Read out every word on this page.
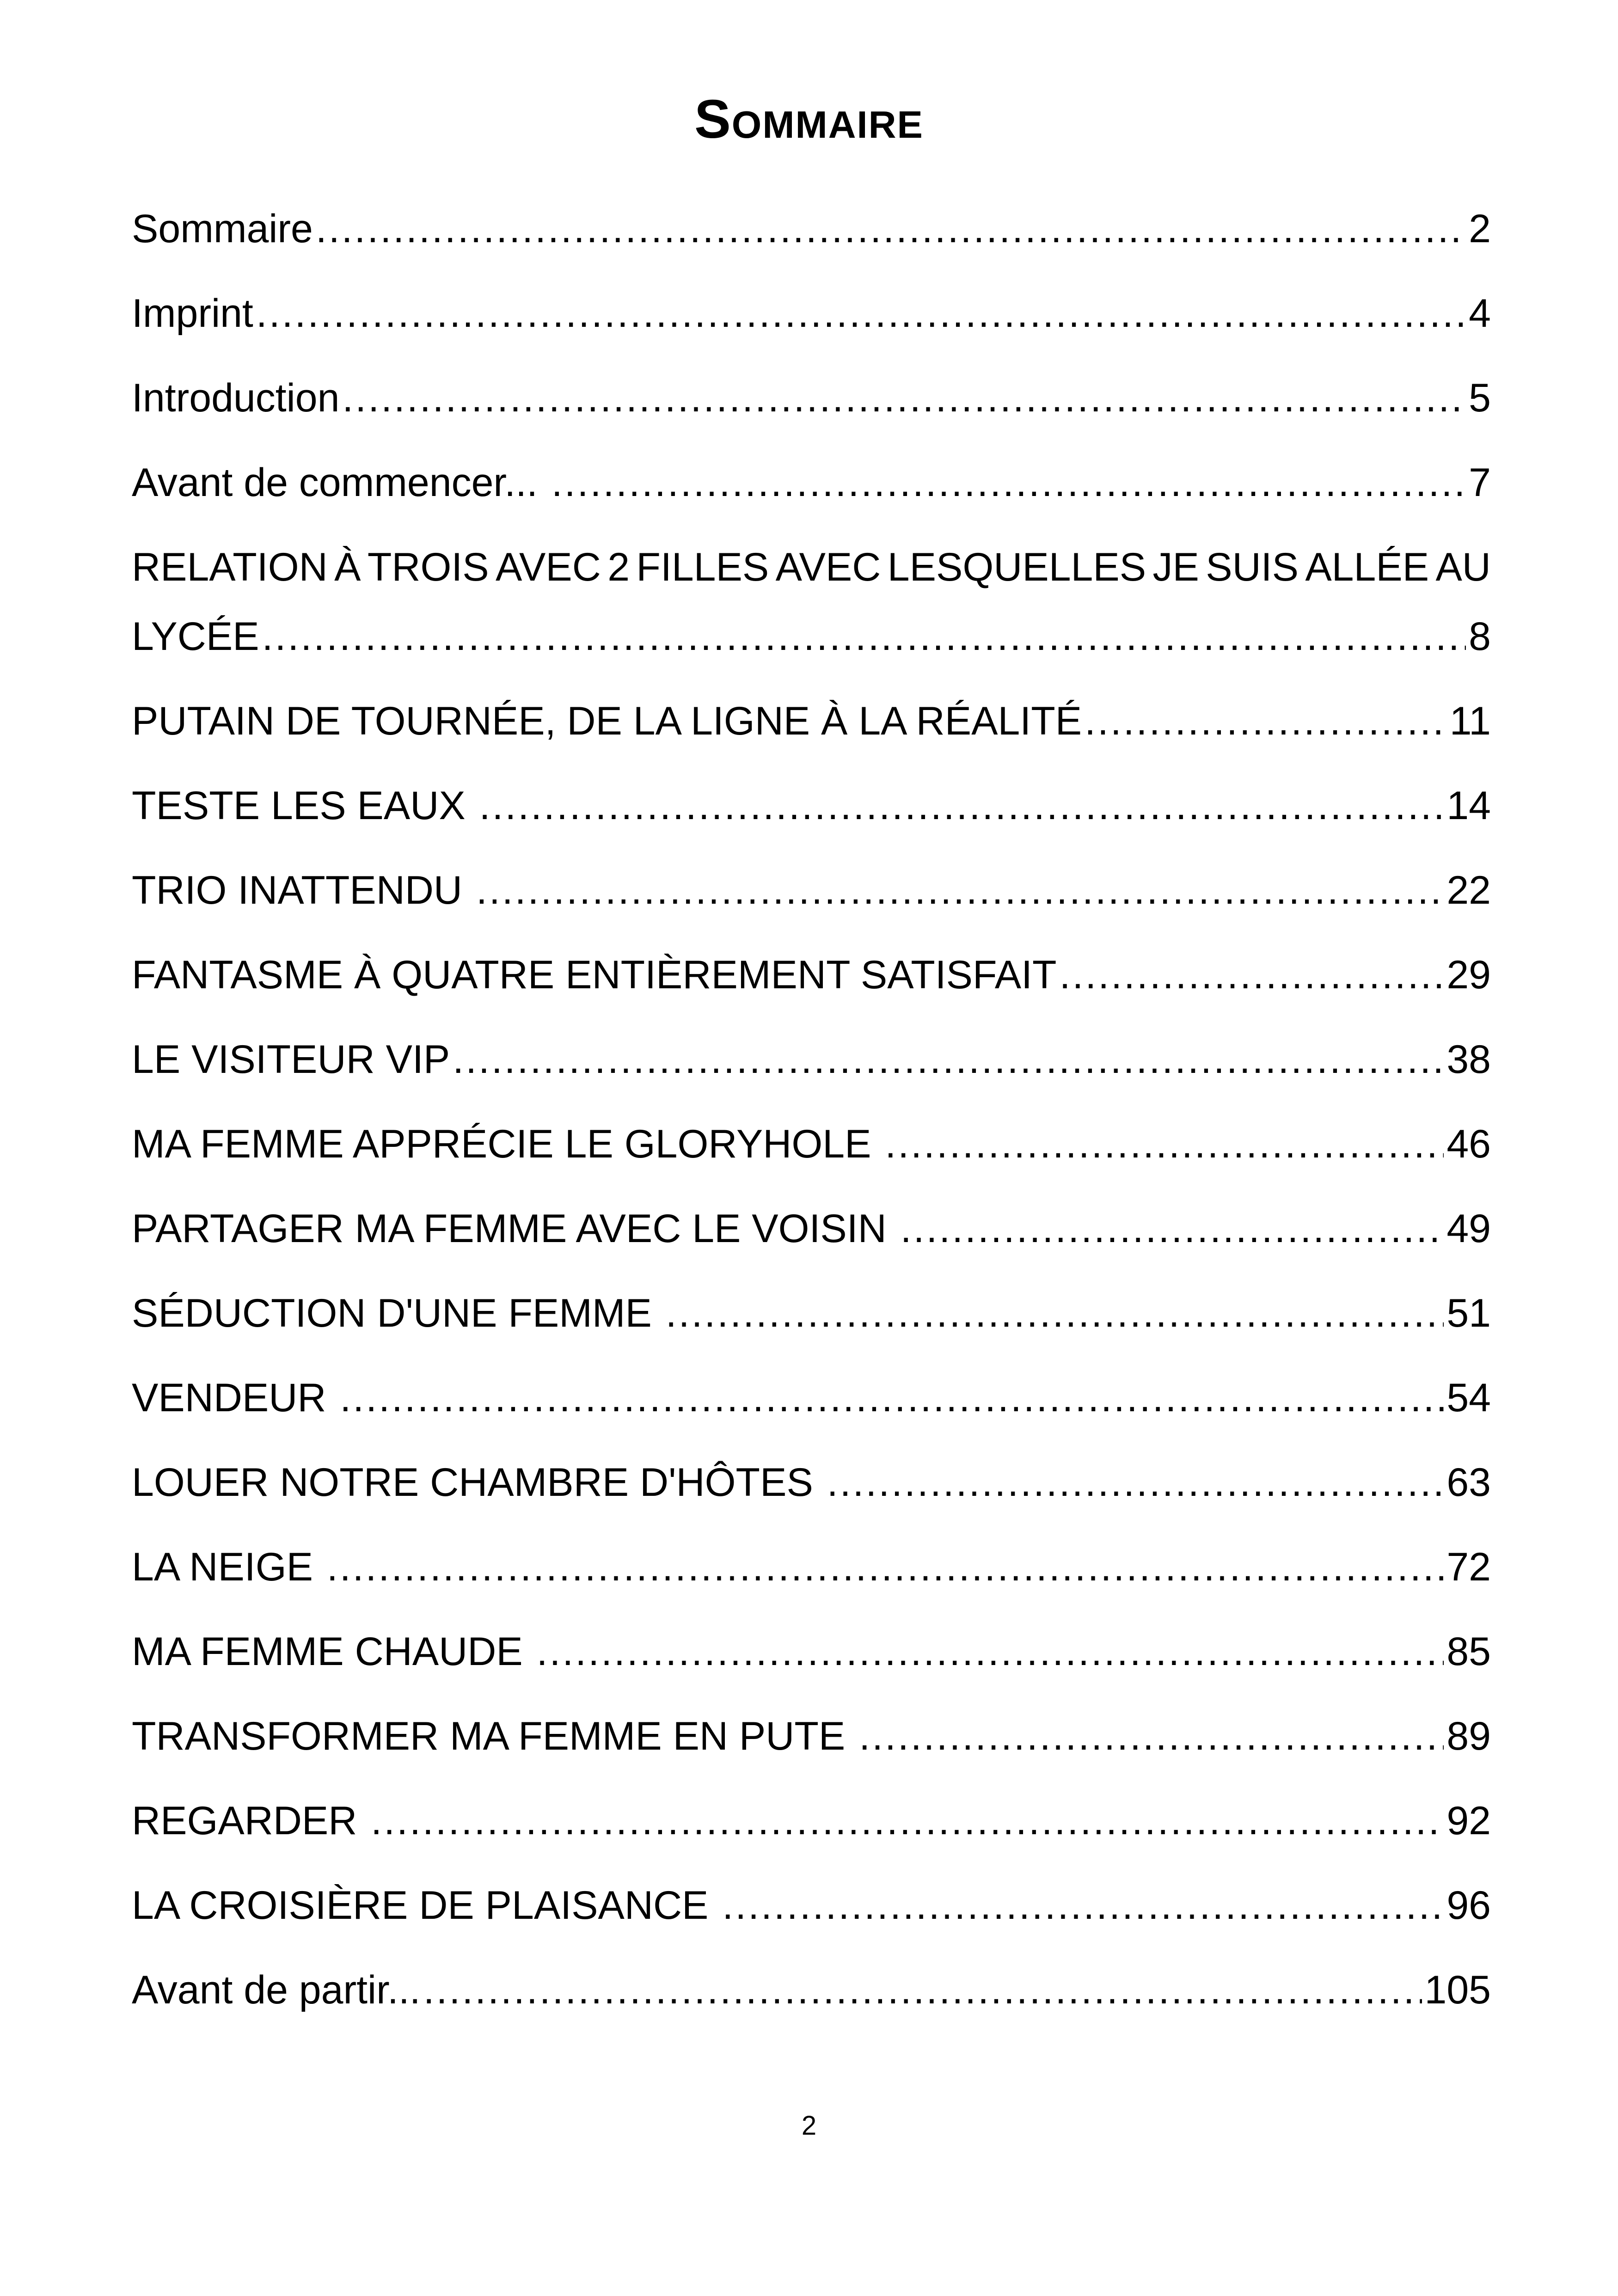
Sommaire
Sommaire .....	2
Imprint .....	4
Introduction .....	5
Avant de commencer... .....	7
RELATION À TROIS AVEC 2 FILLES AVEC LESQUELLES JE SUIS ALLÉE AU
LYCÉE .....	8
PUTAIN DE TOURNÉE, DE LA LIGNE À LA RÉALITÉ .....	11
TESTE LES EAUX .....	14
TRIO INATTENDU .....	22
FANTASME À QUATRE ENTIÈREMENT SATISFAIT .....	29
LE VISITEUR VIP .....	38
MA FEMME APPRÉCIE LE GLORYHOLE .....	46
PARTAGER MA FEMME AVEC LE VOISIN .....	49
SÉDUCTION D'UNE FEMME .....	51
VENDEUR .....	54
LOUER NOTRE CHAMBRE D'HÔTES .....	63
LA NEIGE .....	72
MA FEMME CHAUDE .....	85
TRANSFORMER MA FEMME EN PUTE .....	89
REGARDER .....	92
LA CROISIÈRE DE PLAISANCE .....	96
Avant de partir... .....	105
2
